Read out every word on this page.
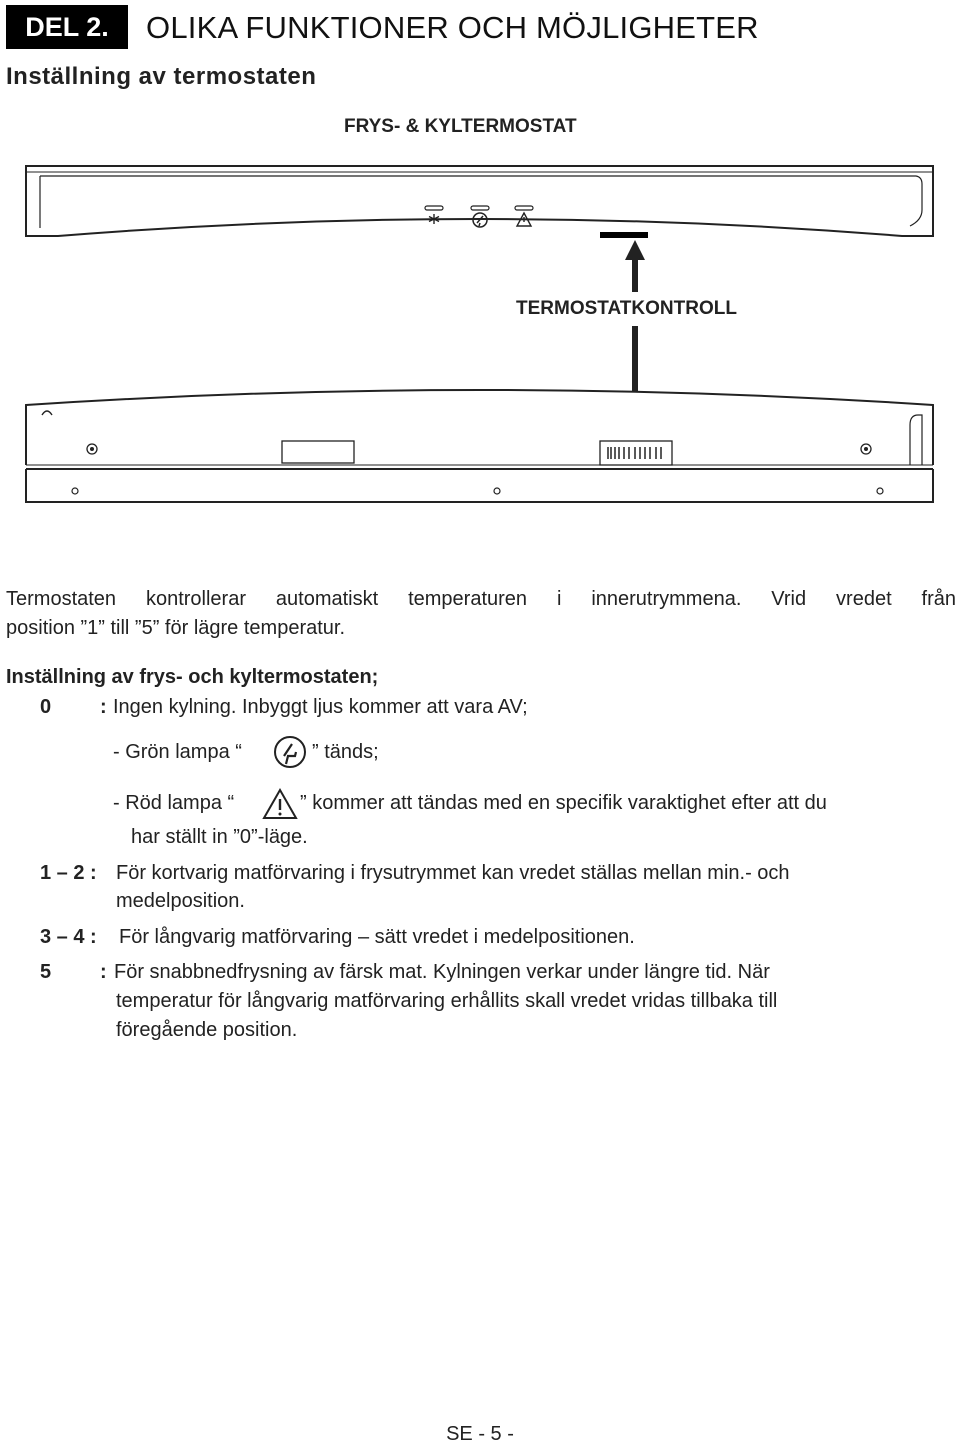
DEL 2.	OLIKA FUNKTIONER OCH MÖJLIGHETER
Inställning av termostaten
FRYS- & KYLTERMOSTAT
TERMOSTATKONTROLL
Termostaten kontrollerar automatiskt temperaturen i innerutrymmena. Vrid vredet från
position ”1” till ”5” för lägre temperatur.
Inställning av frys- och kyltermostaten;
0 : Ingen kylning. Inbyggt ljus kommer att vara AV;
- Grön lampa “	” tänds;
- Röd lampa “	” kommer att tändas med en specifik varaktighet efter att du
har ställt in ”0”-läge.
1 – 2 : För kortvarig matförvaring i frysutrymmet kan vredet ställas mellan min.- och
medelposition.
3 – 4 : För långvarig matförvaring – sätt vredet i medelpositionen.
5 : För snabbnedfrysning av färsk mat. Kylningen verkar under längre tid. När
temperatur för långvarig matförvaring erhållits skall vredet vridas tillbaka till
föregående position.
SE - 5 -
